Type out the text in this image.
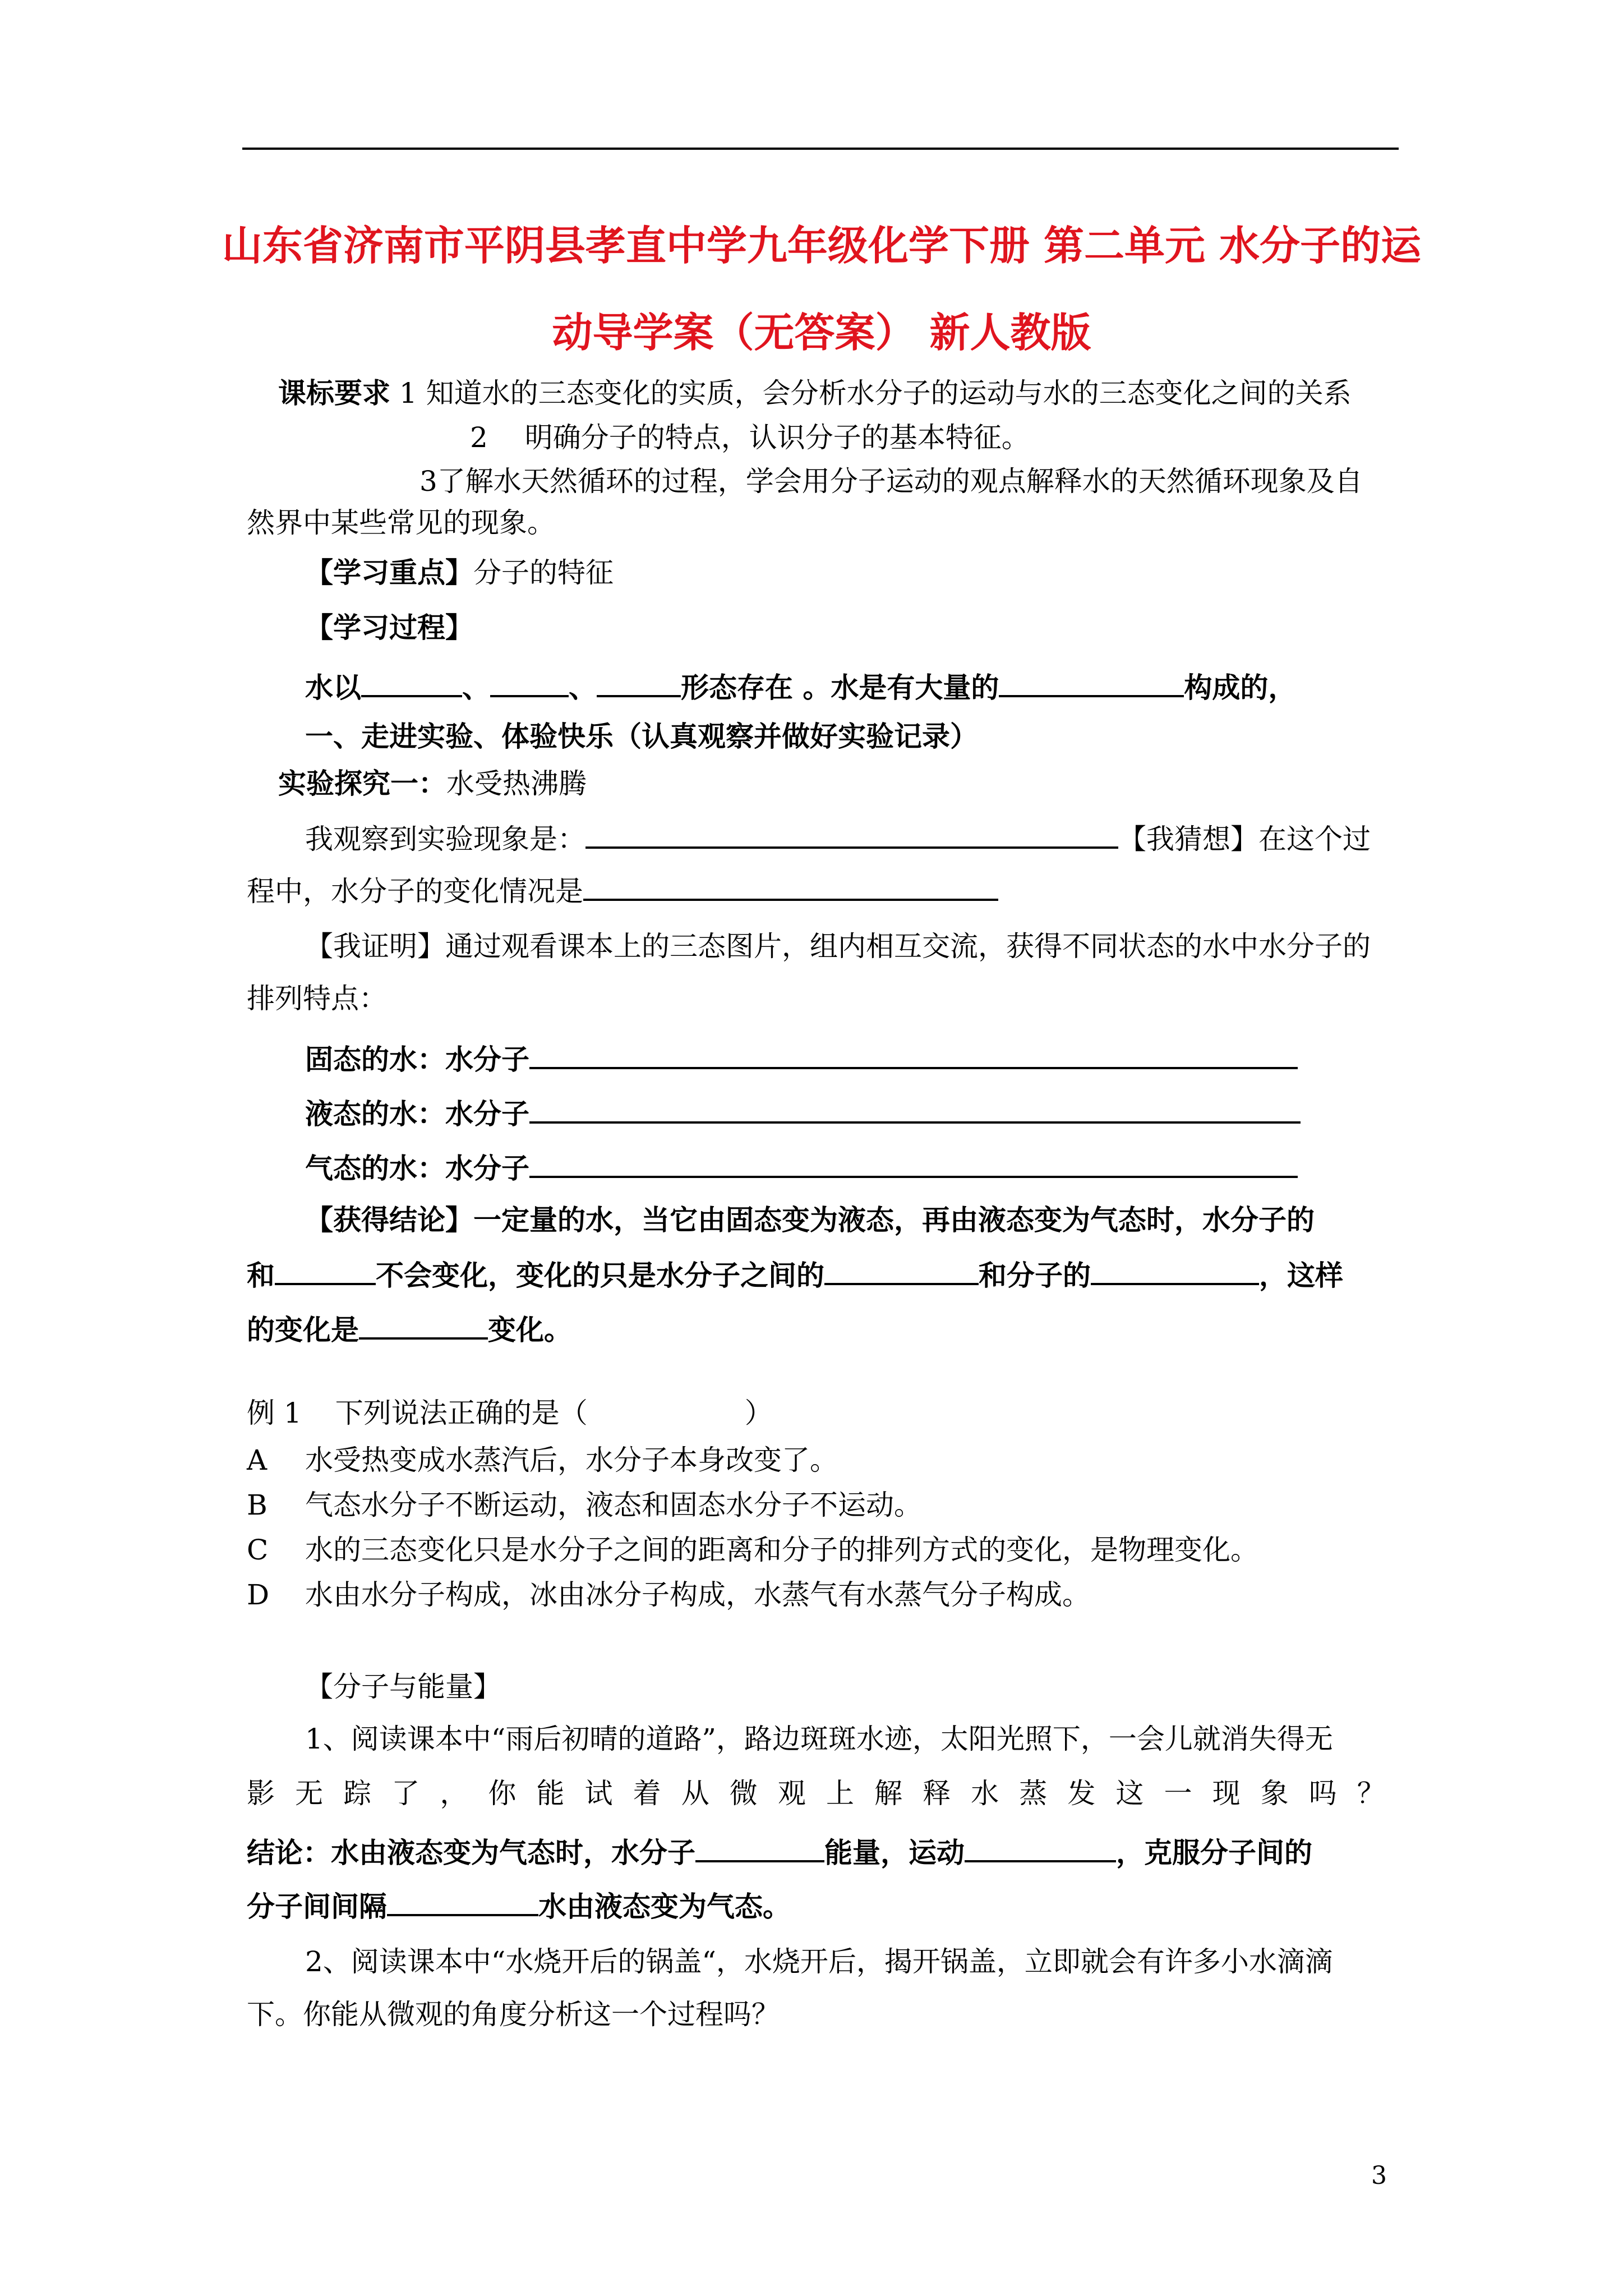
山东省济南市平阴县孝直中学九年级化学下册 第二单元 水分子的运
动导学案（无答案） 新人教版
课标要求 1 知道水的三态变化的实质，会分析水分子的运动与水的三态变化之间的关系
2　 明确分子的特点，认识分子的基本特征。
3了解水天然循环的过程，学会用分子运动的观点解释水的天然循环现象及自
然界中某些常见的现象。
【学习重点】分子的特征
【学习过程】
水以	、	、	形态存在 。水是有大量的	构成的，
一、走进实验、体验快乐（认真观察并做好实验记录）
实验探究一：水受热沸腾
我观察到实验现象是：	【我猜想】在这个过
程中，水分子的变化情况是
【我证明】通过观看课本上的三态图片，组内相互交流，获得不同状态的水中水分子的
排列特点：
固态的水：水分子
液态的水：水分子
气态的水：水分子
【获得结论】一定量的水，当它由固态变为液态，再由液态变为气态时，水分子的
和	不会变化，变化的只是水分子之间的	和分子的	，这样
的变化是	变化。
例 1 下列说法正确的是（	）
A 水受热变成水蒸汽后，水分子本身改变了。
B 气态水分子不断运动，液态和固态水分子不运动。
C 水的三态变化只是水分子之间的距离和分子的排列方式的变化，是物理变化。
D 水由水分子构成，冰由冰分子构成，水蒸气有水蒸气分子构成。
【分子与能量】
1、阅读课本中“雨后初晴的道路”，路边斑斑水迹，太阳光照下，一会儿就消失得无
影 无 踪 了 ， 你 能 试 着 从 微 观 上 解 释 水 蒸 发 这 一 现 象 吗 ？
结论：水由液态变为气态时，水分子	能量，运动	，克服分子间的
分子间间隔	水由液态变为气态。
2、阅读课本中“水烧开后的锅盖“，水烧开后，揭开锅盖，立即就会有许多小水滴滴
下。你能从微观的角度分析这一个过程吗？
3
